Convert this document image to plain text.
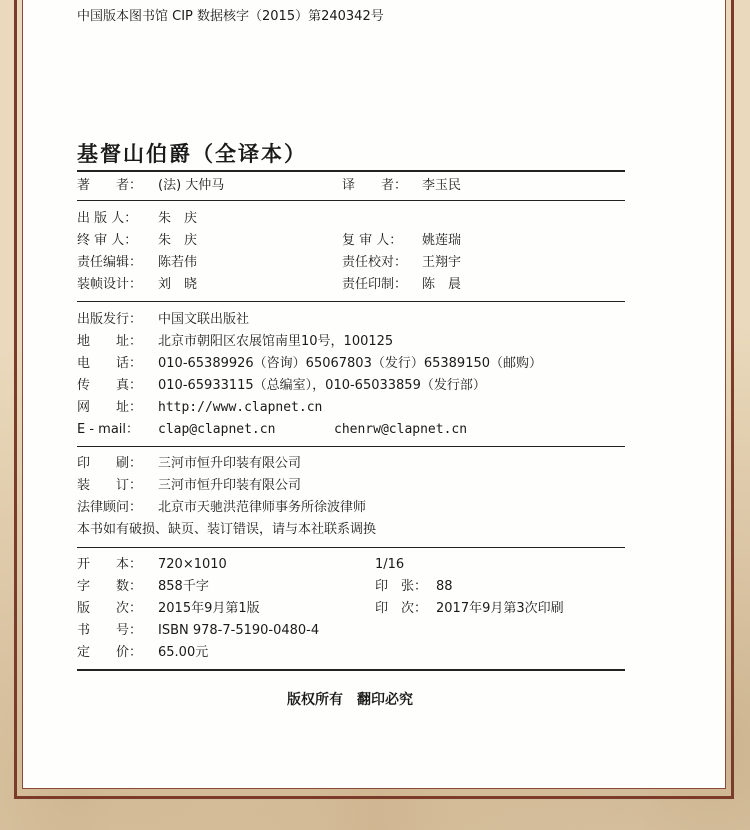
中国版本图书馆 CIP 数据核字（2015）第240342号
基督山伯爵（全译本）
著　　者： (法) 大仲马	译　　者： 李玉民
出 版 人： 朱　庆
终 审 人： 朱　庆	复 审 人： 姚莲瑞
责任编辑： 陈若伟	责任校对： 王翔宇
装帧设计： 刘　晓	责任印制： 陈　晨
出版发行： 中国文联出版社
地　　址： 北京市朝阳区农展馆南里10号，100125
电　　话： 010-65389926（咨询）65067803（发行）65389150（邮购）
传　　真： 010-65933115（总编室），010-65033859（发行部）
网　　址： http://www.clapnet.cn
E - mail： clap@clapnet.cn	chenrw@clapnet.cn
印　　刷： 三河市恒升印装有限公司
装　　订： 三河市恒升印装有限公司
法律顾问： 北京市天驰洪范律师事务所徐波律师
本书如有破损、缺页、装订错误，请与本社联系调换
开　　本： 720×1010	1/16
字　　数： 858千字	印　张： 88
版　　次： 2015年9月第1版	印　次： 2017年9月第3次印刷
书　　号： ISBN 978-7-5190-0480-4
定　　价： 65.00元
版权所有　翻印必究
